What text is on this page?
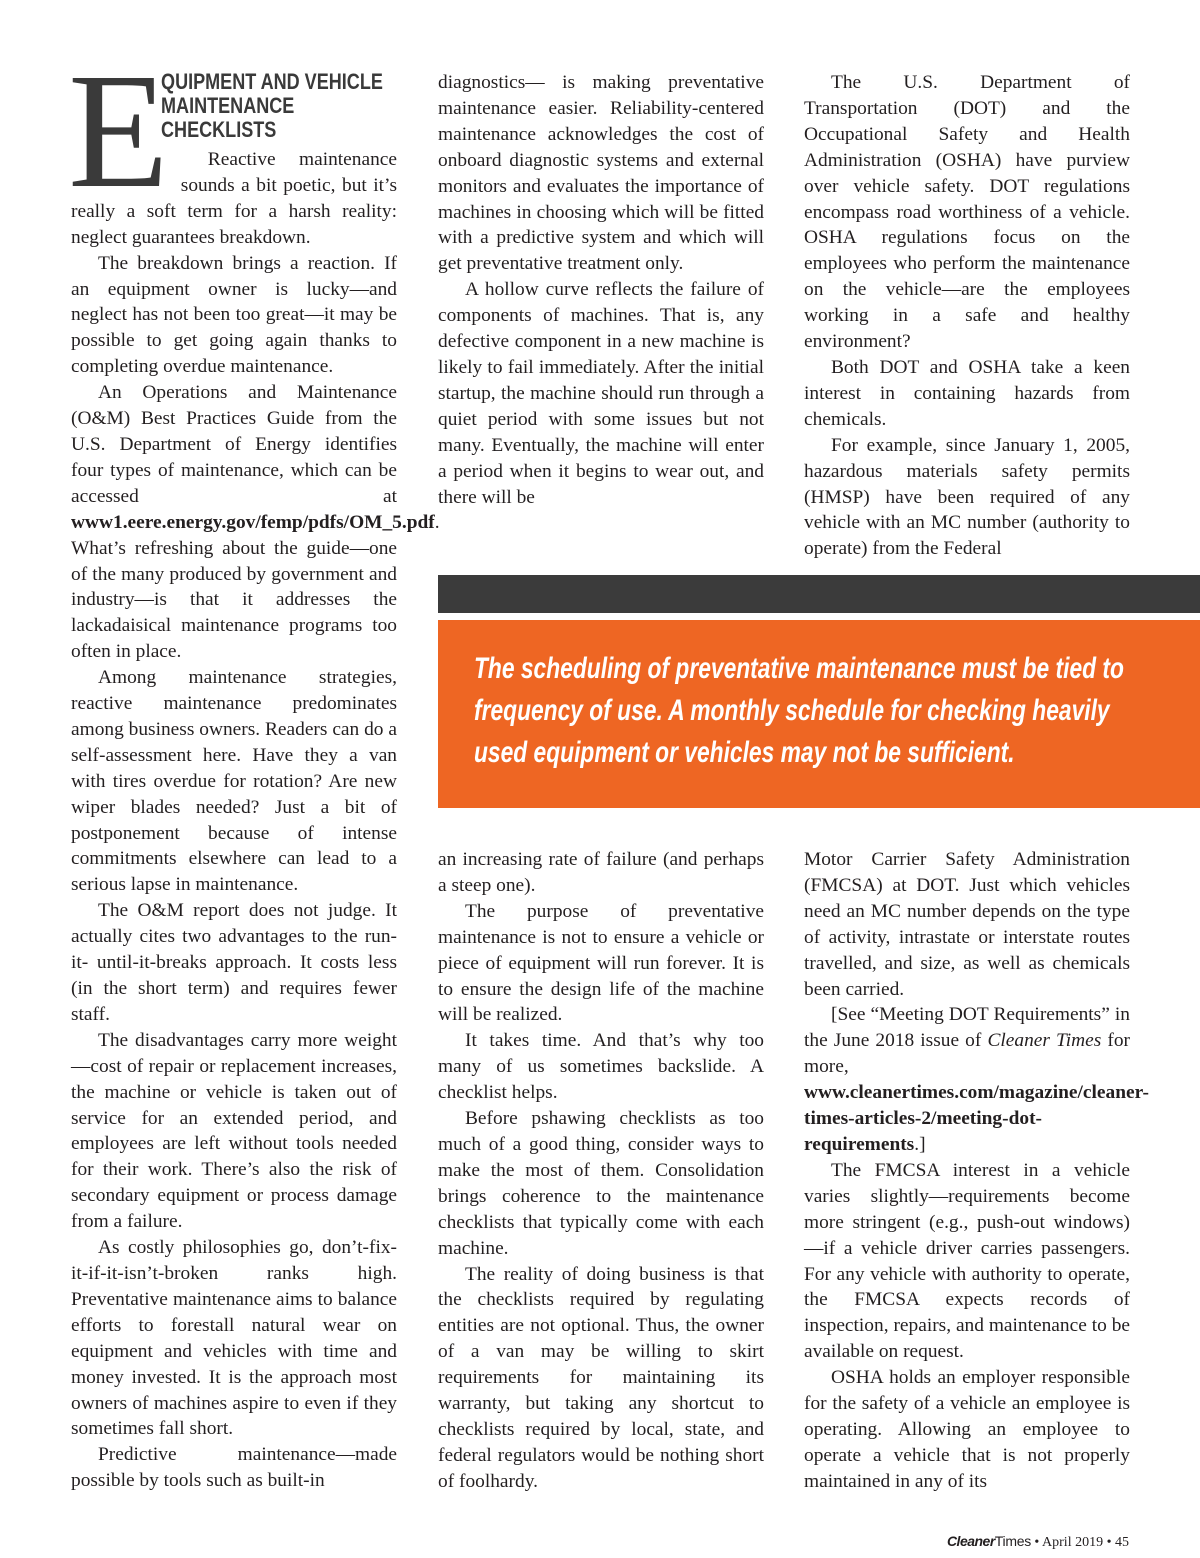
E
QUIPMENT AND VEHICLE
MAINTENANCE
CHECKLISTS

Reactive maintenance sounds a bit poetic, but it’s really a soft term for a harsh reality: neglect guarantees breakdown.

The breakdown brings a reaction. If an equipment owner is lucky—and neglect has not been too great—it may be possible to get going again thanks to completing overdue maintenance.

An Operations and Maintenance (O&M) Best Practices Guide from the U.S. Department of Energy identifies four types of maintenance, which can be accessed at www1.eere.energy.gov/femp/pdfs/OM_5.pdf. What’s refreshing about the guide—one of the many produced by government and industry—is that it addresses the lackadaisical maintenance programs too often in place.

Among maintenance strategies, reactive maintenance predominates among business owners. Readers can do a self-assessment here. Have they a van with tires overdue for rotation? Are new wiper blades needed? Just a bit of postponement because of intense commitments elsewhere can lead to a serious lapse in maintenance.

The O&M report does not judge. It actually cites two advantages to the run-it- until-it-breaks approach. It costs less (in the short term) and requires fewer staff.

The disadvantages carry more weight—cost of repair or replacement increases, the machine or vehicle is taken out of service for an extended period, and employees are left without tools needed for their work. There’s also the risk of secondary equipment or process damage from a failure.

As costly philosophies go, don’t-fix-it-if-it-isn’t-broken ranks high. Preventative maintenance aims to balance efforts to forestall natural wear on equipment and vehicles with time and money invested. It is the approach most owners of machines aspire to even if they sometimes fall short.

Predictive maintenance—made possible by tools such as built-in

diagnostics— is making preventative maintenance easier. Reliability-centered maintenance acknowledges the cost of onboard diagnostic systems and external monitors and evaluates the importance of machines in choosing which will be fitted with a predictive system and which will get preventative treatment only.

A hollow curve reflects the failure of components of machines. That is, any defective component in a new machine is likely to fail immediately. After the initial startup, the machine should run through a quiet period with some issues but not many. Eventually, the machine will enter a period when it begins to wear out, and there will be

The U.S. Department of Transportation (DOT) and the Occupational Safety and Health Administration (OSHA) have purview over vehicle safety. DOT regulations encompass road worthiness of a vehicle. OSHA regulations focus on the employees who perform the maintenance on the vehicle—are the employees working in a safe and healthy environment?

Both DOT and OSHA take a keen interest in containing hazards from chemicals.

For example, since January 1, 2005, hazardous materials safety permits (HMSP) have been required of any vehicle with an MC number (authority to operate) from the Federal

The scheduling of preventative maintenance must be tied to
frequency of use. A monthly schedule for checking heavily
used equipment or vehicles may not be sufficient.

an increasing rate of failure (and perhaps a steep one).

The purpose of preventative maintenance is not to ensure a vehicle or piece of equipment will run forever. It is to ensure the design life of the machine will be realized.

It takes time. And that’s why too many of us sometimes backslide. A checklist helps.

Before pshawing checklists as too much of a good thing, consider ways to make the most of them. Consolidation brings coherence to the maintenance checklists that typically come with each machine.

The reality of doing business is that the checklists required by regulating entities are not optional. Thus, the owner of a van may be willing to skirt requirements for maintaining its warranty, but taking any shortcut to checklists required by local, state, and federal regulators would be nothing short of foolhardy.

Motor Carrier Safety Administration (FMCSA) at DOT. Just which vehicles need an MC number depends on the type of activity, intrastate or interstate routes travelled, and size, as well as chemicals been carried.

[See “Meeting DOT Requirements” in the June 2018 issue of Cleaner Times for more, www.cleanertimes.com/magazine/cleaner-times-articles-2/meeting-dot-requirements.]

The FMCSA interest in a vehicle varies slightly—requirements become more stringent (e.g., push-out windows)—if a vehicle driver carries passengers. For any vehicle with authority to operate, the FMCSA expects records of inspection, repairs, and maintenance to be available on request.

OSHA holds an employer responsible for the safety of a vehicle an employee is operating. Allowing an employee to operate a vehicle that is not properly maintained in any of its

CleanerTimes • April 2019 • 45
